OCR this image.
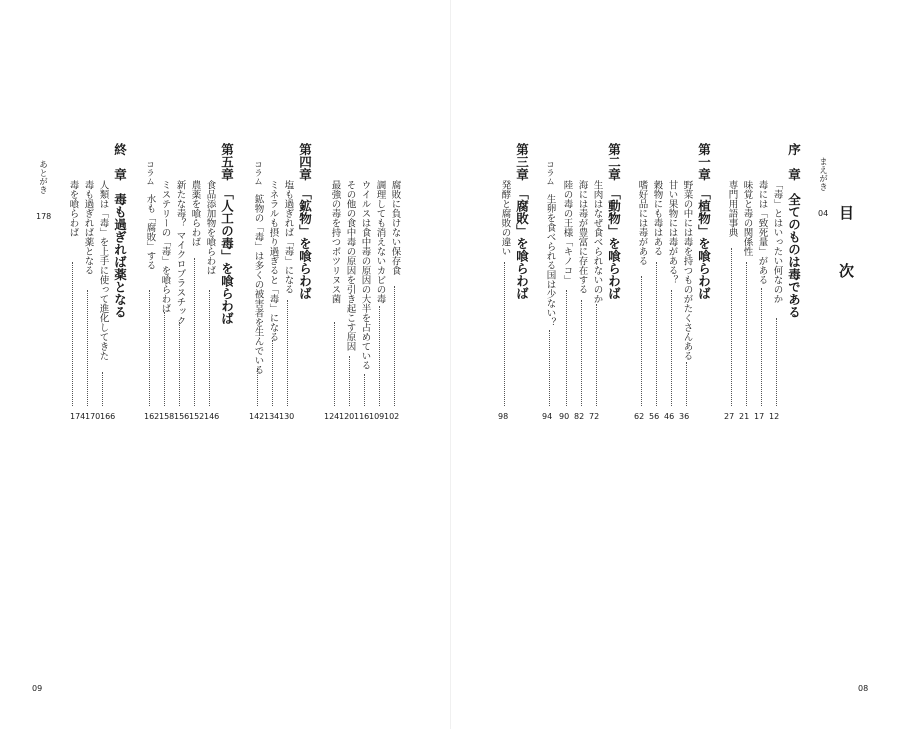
目　次
まえがき
04
序　章　全てのものは毒である
「毒」とはいったい何なのか
12
毒には「致死量」がある
17
味覚と毒の関係性
21
専門用語事典
27
第一章　「植物」を喰らわば
野菜の中には毒を持つものがたくさんある
36
甘い果物には毒がある？
46
穀物にも毒はある
56
嗜好品には毒がある
62
第二章　「動物」を喰らわば
生肉はなぜ食べられないのか
72
海には毒が豊富に存在する
82
陸の毒の王様「キノコ」
90
コラム
生卵を食べられる国は少ない？
94
第三章　「腐敗」を喰らわば
発酵と腐敗の違い
98
腐敗に負けない保存食
102
調理しても消えないカビの毒
109
ウイルスは食中毒の原因の大半を占めている
116
その他の食中毒の原因を引き起こす原因
120
最強の毒を持つボツリヌス菌
124
第四章　「鉱物」を喰らわば
塩も過ぎれば「毒」になる
130
ミネラルも摂り過ぎると「毒」になる
134
コラム
鉱物の「毒」は多くの被害者を生んでいる
142
第五章　「人工の毒」を喰らわば
食品添加物を喰らわば
146
農薬を喰らわば
152
新たな毒？ マイクロプラスチック
156
ミステリーの「毒」を喰らわば
158
コラム
水も「腐敗」する
162
終　章　毒も過ぎれば薬となる
人類は「毒」を上手に使って進化してきた
166
毒も過ぎれば薬となる
170
毒を喰らわば
174
あとがき
178
09	08
